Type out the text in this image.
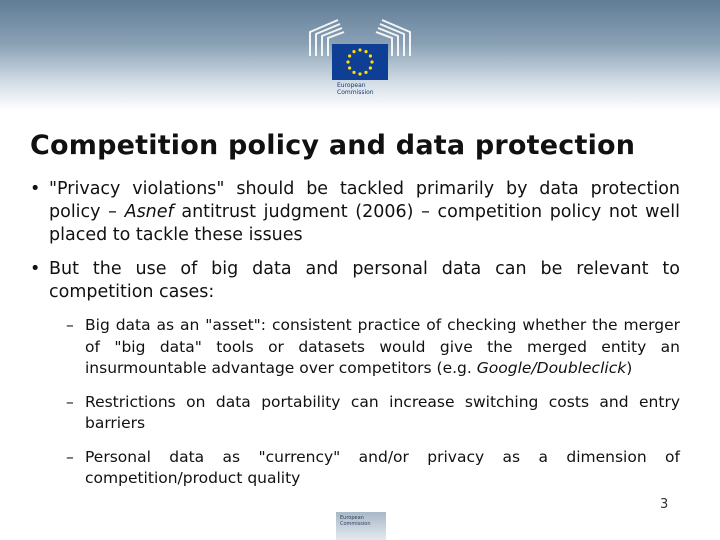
European
Commission
Competition policy and data protection
• "Privacy violations" should be tackled primarily by data protection policy – Asnef antitrust judgment (2006) – competition policy not well placed to tackle these issues
• But the use of big data and personal data can be relevant to competition cases:
– Big data as an "asset": consistent practice of checking whether the merger of "big data" tools or datasets would give the merged entity an insurmountable advantage over competitors (e.g. Google/Doubleclick)
– Restrictions on data portability can increase switching costs and entry barriers
– Personal data as "currency" and/or privacy as a dimension of competition/product quality
3
European Commission
